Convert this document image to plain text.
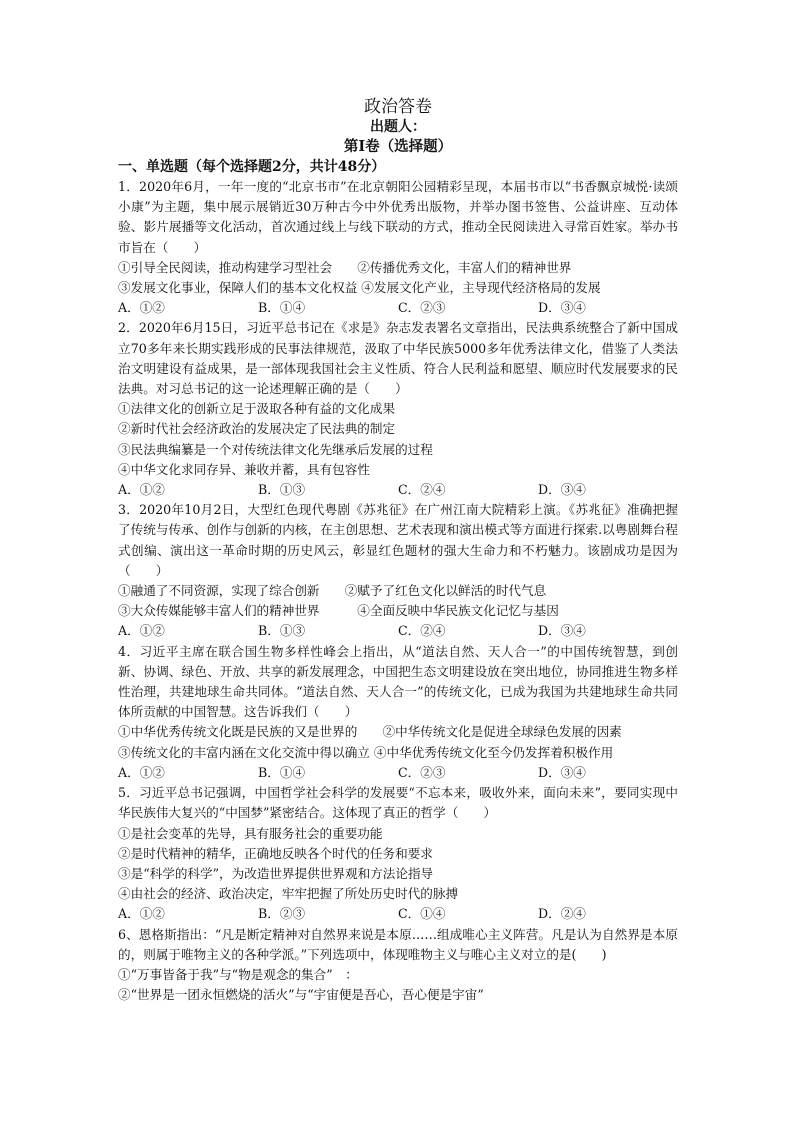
政治答卷
出题人：
第Ⅰ卷（选择题）
一、单选题（每个选择题2分，共计48分）
1．2020年6月，一年一度的“北京书市”在北京朝阳公园精彩呈现，本届书市以“书香飘京城悦·读颂小康”为主题，集中展示展销近30万种古今中外优秀出版物，并举办图书签售、公益讲座、互动体验、影片展播等文化活动，首次通过线上与线下联动的方式，推动全民阅读进入寻常百姓家。举办书市旨在（　　）
①引导全民阅读，推动构建学习型社会　　②传播优秀文化，丰富人们的精神世界
③发展文化事业，保障人们的基本文化权益 ④发展文化产业，主导现代经济格局的发展
A．①②	B．①④	C．②③	D．③④
2．2020年6月15日，习近平总书记在《求是》杂志发表署名文章指出，民法典系统整合了新中国成立70多年来长期实践形成的民事法律规范，汲取了中华民族5000多年优秀法律文化，借鉴了人类法治文明建设有益成果，是一部体现我国社会主义性质、符合人民利益和愿望、顺应时代发展要求的民法典。对习总书记的这一论述理解正确的是（　　）
①法律文化的创新立足于汲取各种有益的文化成果
②新时代社会经济政治的发展决定了民法典的制定
③民法典编纂是一个对传统法律文化先继承后发展的过程
④中华文化求同存异、兼收并蓄，具有包容性
A．①②	B．①③	C．②④	D．③④
3．2020年10月2日，大型红色现代粤剧《苏兆征》在广州江南大院精彩上演。《苏兆征》准确把握了传统与传承、创作与创新的内核，在主创思想、艺术表现和演出模式等方面进行探索.以粤剧舞台程式创编、演出这一革命时期的历史风云，彰显红色题材的强大生命力和不朽魅力。该剧成功是因为（　　）
①融通了不同资源，实现了综合创新　　②赋予了红色文化以鲜活的时代气息
③大众传媒能够丰富人们的精神世界　　　④全面反映中华民族文化记忆与基因
A．①②	B．①③	C．②④	D．③④
4．习近平主席在联合国生物多样性峰会上指出，从“道法自然、天人合一”的中国传统智慧，到创新、协调、绿色、开放、共享的新发展理念，中国把生态文明建设放在突出地位，协同推进生物多样性治理，共建地球生命共同体。“道法自然、天人合一”的传统文化，已成为我国为共建地球生命共同体所贡献的中国智慧。这告诉我们（　　）
①中华优秀传统文化既是民族的又是世界的　　②中华传统文化是促进全球绿色发展的因素
③传统文化的丰富内涵在文化交流中得以确立 ④中华优秀传统文化至今仍发挥着积极作用
A．①②	B．①④	C．②③	D．③④
5．习近平总书记强调，中国哲学社会科学的发展要“不忘本来，吸收外来，面向未来”，要同实现中华民族伟大复兴的“中国梦”紧密结合。这体现了真正的哲学（　　）
①是社会变革的先导，具有服务社会的重要功能
②是时代精神的精华，正确地反映各个时代的任务和要求
③是“科学的科学”，为改造世界提供世界观和方法论指导
④由社会的经济、政治决定，牢牢把握了所处历史时代的脉搏
A．①②	B．②③	C．①④	D．②④
6、恩格斯指出：“凡是断定精神对自然界来说是本原……组成唯心主义阵营。凡是认为自然界是本原的，则属于唯物主义的各种学派。”下列选项中，体现唯物主义与唯心主义对立的是(　　)
①“万事皆备于我”与“物是观念的集合”　：
②“世界是一团永恒燃烧的活火”与“宇宙便是吾心，吾心便是宇宙”
